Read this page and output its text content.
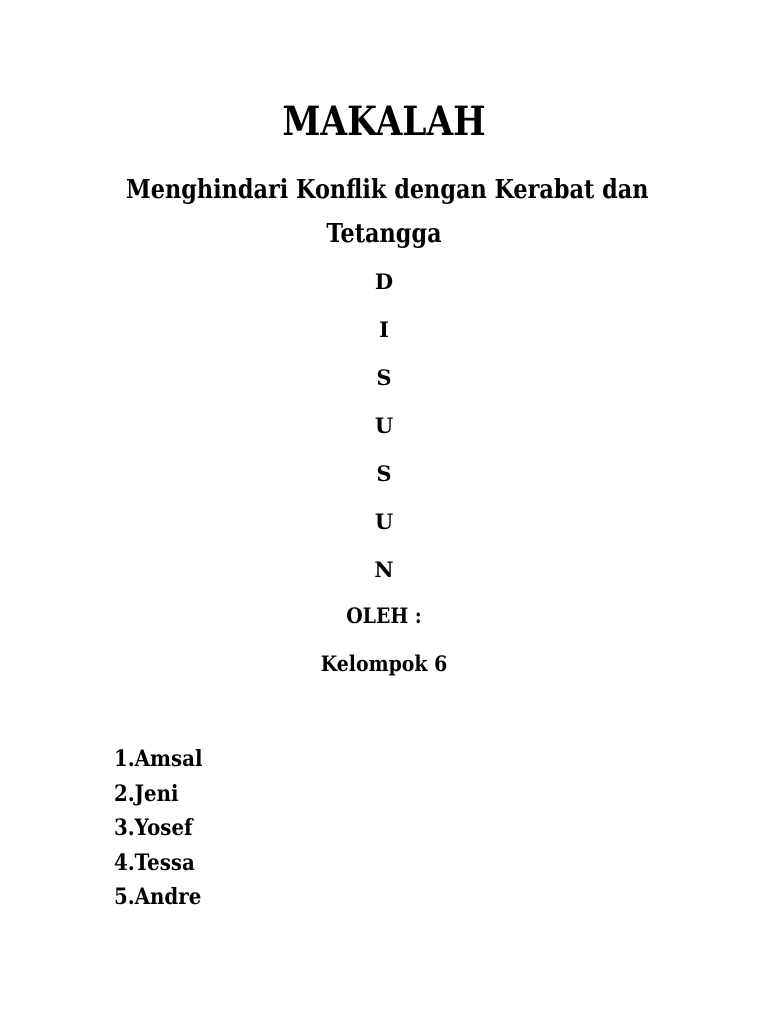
MAKALAH
Menghindari Konflik dengan Kerabat dan
Tetangga
D
I
S
U
S
U
N
OLEH :
Kelompok 6
1.Amsal
2.Jeni
3.Yosef
4.Tessa
5.Andre
